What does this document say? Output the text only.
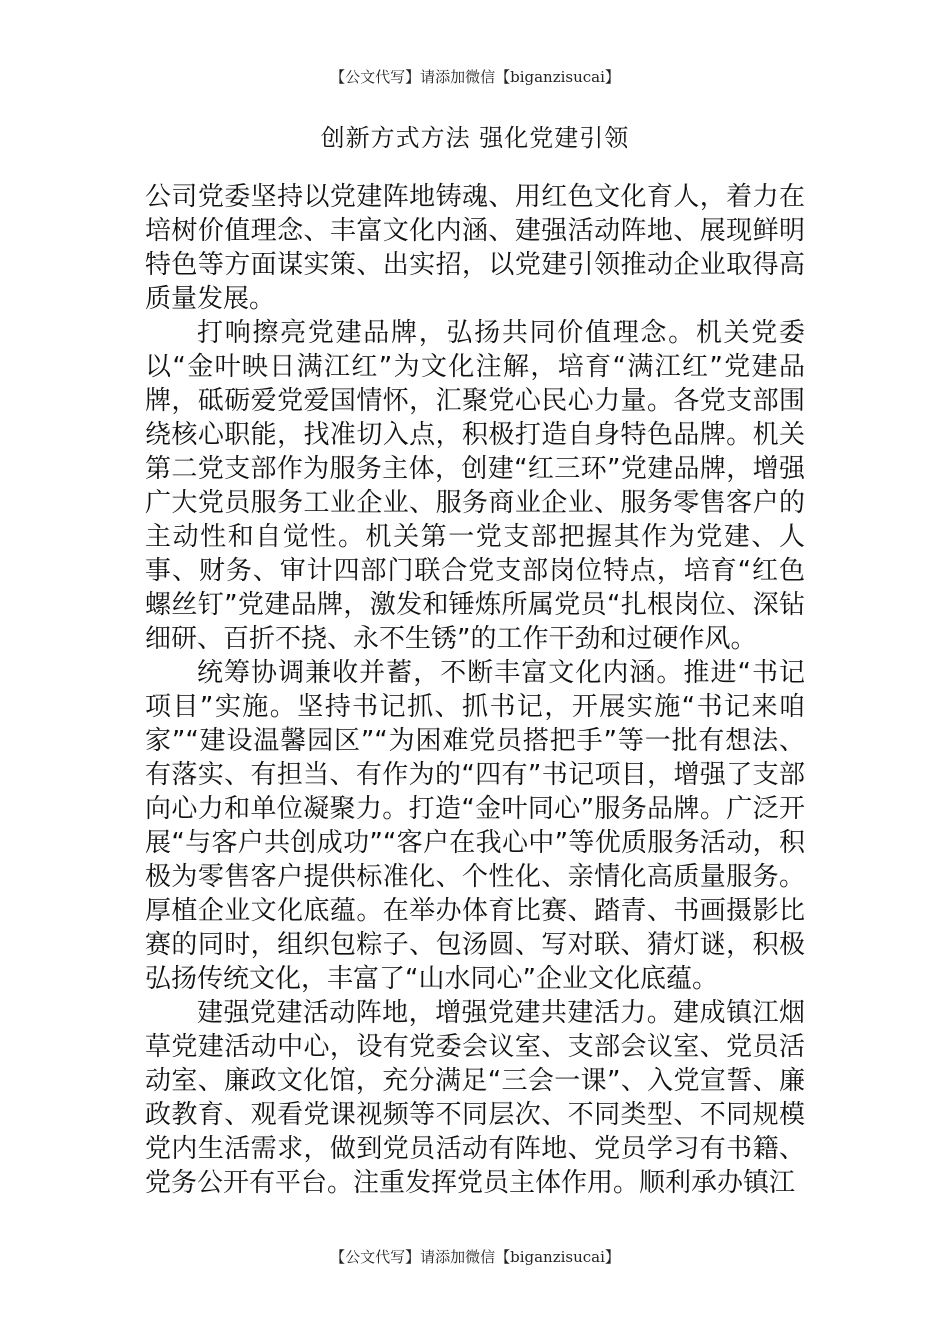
【公文代写】请添加微信【biganzisucai】
创新方式方法 强化党建引领

公司党委坚持以党建阵地铸魂、用红色文化育人，着力在培树价值理念、丰富文化内涵、建强活动阵地、展现鲜明特色等方面谋实策、出实招，以党建引领推动企业取得高质量发展。

打响擦亮党建品牌，弘扬共同价值理念。机关党委以“金叶映日满江红”为文化注解，培育“满江红”党建品牌，砥砺爱党爱国情怀，汇聚党心民心力量。各党支部围绕核心职能，找准切入点，积极打造自身特色品牌。机关第二党支部作为服务主体，创建“红三环”党建品牌，增强广大党员服务工业企业、服务商业企业、服务零售客户的主动性和自觉性。机关第一党支部把握其作为党建、人事、财务、审计四部门联合党支部岗位特点，培育“红色螺丝钉”党建品牌，激发和锤炼所属党员“扎根岗位、深钻细研、百折不挠、永不生锈”的工作干劲和过硬作风。

统筹协调兼收并蓄，不断丰富文化内涵。推进“书记项目”实施。坚持书记抓、抓书记，开展实施“书记来咱家”“建设温馨园区”“为困难党员搭把手”等一批有想法、有落实、有担当、有作为的“四有”书记项目，增强了支部向心力和单位凝聚力。打造“金叶同心”服务品牌。广泛开展“与客户共创成功”“客户在我心中”等优质服务活动，积极为零售客户提供标准化、个性化、亲情化高质量服务。厚植企业文化底蕴。在举办体育比赛、踏青、书画摄影比赛的同时，组织包粽子、包汤圆、写对联、猜灯谜，积极弘扬传统文化，丰富了“山水同心”企业文化底蕴。

建强党建活动阵地，增强党建共建活力。建成镇江烟草党建活动中心，设有党委会议室、支部会议室、党员活动室、廉政文化馆，充分满足“三会一课”、入党宣誓、廉政教育、观看党课视频等不同层次、不同类型、不同规模党内生活需求，做到党员活动有阵地、党员学习有书籍、党务公开有平台。注重发挥党员主体作用。顺利承办镇江

【公文代写】请添加微信【biganzisucai】
